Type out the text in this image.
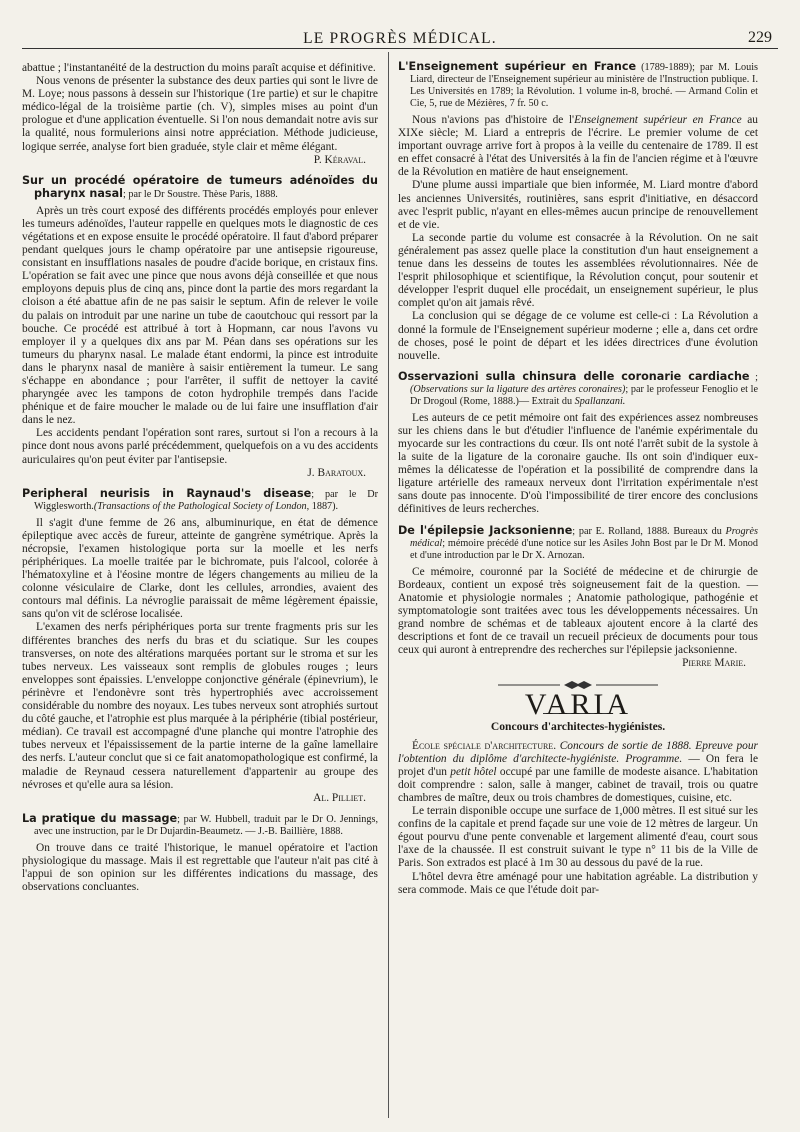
LE PROGRÈS MÉDICAL.	229

abattue ; l'instantanéité de la destruction du moins paraît acquise et définitive.

Nous venons de présenter la substance des deux parties qui sont le livre de M. Loye; nous passons à dessein sur l'historique (1re partie) et sur le chapitre médico-légal de la troisième partie (ch. V), simples mises au point d'un prologue et d'une application éventuelle. Si l'on nous demandait notre avis sur la qualité, nous formulerions ainsi notre appréciation. Méthode judicieuse, logique serrée, analyse fort bien graduée, style clair et même élégant.

P. Kéraval.

Sur un procédé opératoire de tumeurs adénoïdes du pharynx nasal; par le Dr Soustre. Thèse Paris, 1888.

Après un très court exposé des différents procédés employés pour enlever les tumeurs adénoïdes, l'auteur rappelle en quelques mots le diagnostic de ces végétations et en expose ensuite le procédé opératoire. Il faut d'abord préparer pendant quelques jours le champ opératoire par une antisepsie rigoureuse, consistant en insufflations nasales de poudre d'acide borique, en cristaux fins. L'opération se fait avec une pince que nous avons déjà conseillée et que nous employons depuis plus de cinq ans, pince dont la partie des mors regardant la cloison a été abattue afin de ne pas saisir le septum. Afin de relever le voile du palais on introduit par une narine un tube de caoutchouc qui ressort par la bouche. Ce procédé est attribué à tort à Hopmann, car nous l'avons vu employer il y a quelques dix ans par M. Péan dans ses opérations sur les tumeurs du pharynx nasal. Le malade étant endormi, la pince est introduite dans le pharynx nasal de manière à saisir entièrement la tumeur. Le sang s'échappe en abondance ; pour l'arrêter, il suffit de nettoyer la cavité pharyngée avec les tampons de coton hydrophile trempés dans l'acide phénique et de faire moucher le malade ou de lui faire une insufflation d'air dans le nez.

Les accidents pendant l'opération sont rares, surtout si l'on a recours à la pince dont nous avons parlé précédemment, quelquefois on a vu des accidents auriculaires qu'on peut éviter par l'antisepsie.

J. Baratoux.

Peripheral neurisis in Raynaud's disease; par le Dr Wigglesworth.(Transactions of the Pathological Society of London, 1887).

Il s'agit d'une femme de 26 ans, albuminurique, en état de démence épileptique avec accès de fureur, atteinte de gangrène symétrique. Après la nécropsie, l'examen histologique porta sur la moelle et les nerfs périphériques. La moelle traitée par le bichromate, puis l'alcool, colorée à l'hématoxyline et à l'éosine montre de légers changements au milieu de la colonne vésiculaire de Clarke, dont les cellules, arrondies, avaient des contours mal définis. La névroglie paraissait de même légèrement épaissie, sans qu'on vit de sclérose localisée.

L'examen des nerfs périphériques porta sur trente fragments pris sur les différentes branches des nerfs du bras et du sciatique. Sur les coupes transverses, on note des altérations marquées portant sur le stroma et sur les tubes nerveux. Les vaisseaux sont remplis de globules rouges ; leurs enveloppes sont épaissies. L'enveloppe conjonctive générale (épinevrium), le périnèvre et l'endonèvre sont très hypertrophiés avec accroissement considérable du nombre des noyaux. Les tubes nerveux sont atrophiés surtout du côté gauche, et l'atrophie est plus marquée à la périphérie (tibial postérieur, médian). Ce travail est accompagné d'une planche qui montre l'atrophie des tubes nerveux et l'épaississement de la partie interne de la gaîne lamellaire des nerfs. L'auteur conclut que si ce fait anatomopathologique est confirmé, la maladie de Reynaud cessera naturellement d'appartenir au groupe des névroses et qu'elle aura sa lésion.

Al. Pilliet.

La pratique du massage; par W. Hubbell, traduit par le Dr O. Jennings, avec une instruction, par le Dr Dujardin-Beaumetz. — J.-B. Baillière, 1888.

On trouve dans ce traité l'historique, le manuel opératoire et l'action physiologique du massage. Mais il est regrettable que l'auteur n'ait pas cité à l'appui de son opinion sur les différentes indications du massage, des observations concluantes.

L'Enseignement supérieur en France (1789-1889); par M. Louis Liard, directeur de l'Enseignement supérieur au ministère de l'Instruction publique. I. Les Universités en 1789; la Révolution. 1 volume in-8, broché. — Armand Colin et Cie, 5, rue de Mézières, 7 fr. 50 c.

Nous n'avions pas d'histoire de l'Enseignement supérieur en France au XIXe siècle; M. Liard a entrepris de l'écrire. Le premier volume de cet important ouvrage arrive fort à propos à la veille du centenaire de 1789. Il est en effet consacré à l'état des Universités à la fin de l'ancien régime et à l'œuvre de la Révolution en matière de haut enseignement.

D'une plume aussi impartiale que bien informée, M. Liard montre d'abord les anciennes Universités, routinières, sans esprit d'initiative, en désaccord avec l'esprit public, n'ayant en elles-mêmes aucun principe de renouvellement et de vie.

La seconde partie du volume est consacrée à la Révolution. On ne sait généralement pas assez quelle place la constitution d'un haut enseignement a tenue dans les desseins de toutes les assemblées révolutionnaires. Née de l'esprit philosophique et scientifique, la Révolution conçut, pour soutenir et développer l'esprit duquel elle procédait, un enseignement supérieur, le plus complet qu'on ait jamais rêvé.

La conclusion qui se dégage de ce volume est celle-ci : La Révolution a donné la formule de l'Enseignement supérieur moderne ; elle a, dans cet ordre de choses, posé le point de départ et les idées directrices d'une évolution nouvelle.

Osservazioni sulla chinsura delle coronarie cardiache ; (Observations sur la ligature des artères coronaires); par le professeur Fenoglio et le Dr Drogoul (Rome, 1888.)— Extrait du Spallanzani.

Les auteurs de ce petit mémoire ont fait des expériences assez nombreuses sur les chiens dans le but d'étudier l'influence de l'anémie expérimentale du myocarde sur les contractions du cœur. Ils ont noté l'arrêt subit de la systole à la suite de la ligature de la coronaire gauche. Ils ont soin d'indiquer eux-mêmes la délicatesse de l'opération et la possibilité de comprendre dans la ligature artérielle des rameaux nerveux dont l'irritation expérimentale n'est sans doute pas innocente. D'où l'impossibilité de tirer encore des conclusions définitives de leurs recherches.

De l'épilepsie Jacksonienne; par E. Rolland, 1888. Bureaux du Progrès médical; mémoire précédé d'une notice sur les Asiles John Bost par le Dr M. Monod et d'une introduction par le Dr X. Arnozan.

Ce mémoire, couronné par la Société de médecine et de chirurgie de Bordeaux, contient un exposé très soigneusement fait de la question. — Anatomie et physiologie normales ; Anatomie pathologique, pathogénie et symptomatologie sont traitées avec tous les développements nécessaires. Un grand nombre de schémas et de tableaux ajoutent encore à la clarté des descriptions et font de ce travail un recueil précieux de documents pour tous ceux qui auront à entreprendre des recherches sur l'épilepsie jacksonienne.

Pierre Marie.

VARIA
Concours d'architectes-hygiénistes.

École spéciale d'architecture. Concours de sortie de 1888. Epreuve pour l'obtention du diplôme d'architecte-hygiéniste. Programme. — On fera le projet d'un petit hôtel occupé par une famille de modeste aisance. L'habitation doit comprendre : salon, salle à manger, cabinet de travail, trois ou quatre chambres de maître, deux ou trois chambres de domestiques, cuisine, etc.

Le terrain disponible occupe une surface de 1,000 mètres. Il est situé sur les confins de la capitale et prend façade sur une voie de 12 mètres de largeur. Un égout pourvu d'une pente convenable et largement alimenté d'eau, court sous l'axe de la chaussée. Il est construit suivant le type n° 11 bis de la Ville de Paris. Son extrados est placé à 1m 30 au dessous du pavé de la rue.

L'hôtel devra être aménagé pour une habitation agréable. La distribution y sera commode. Mais ce que l'étude doit par-
